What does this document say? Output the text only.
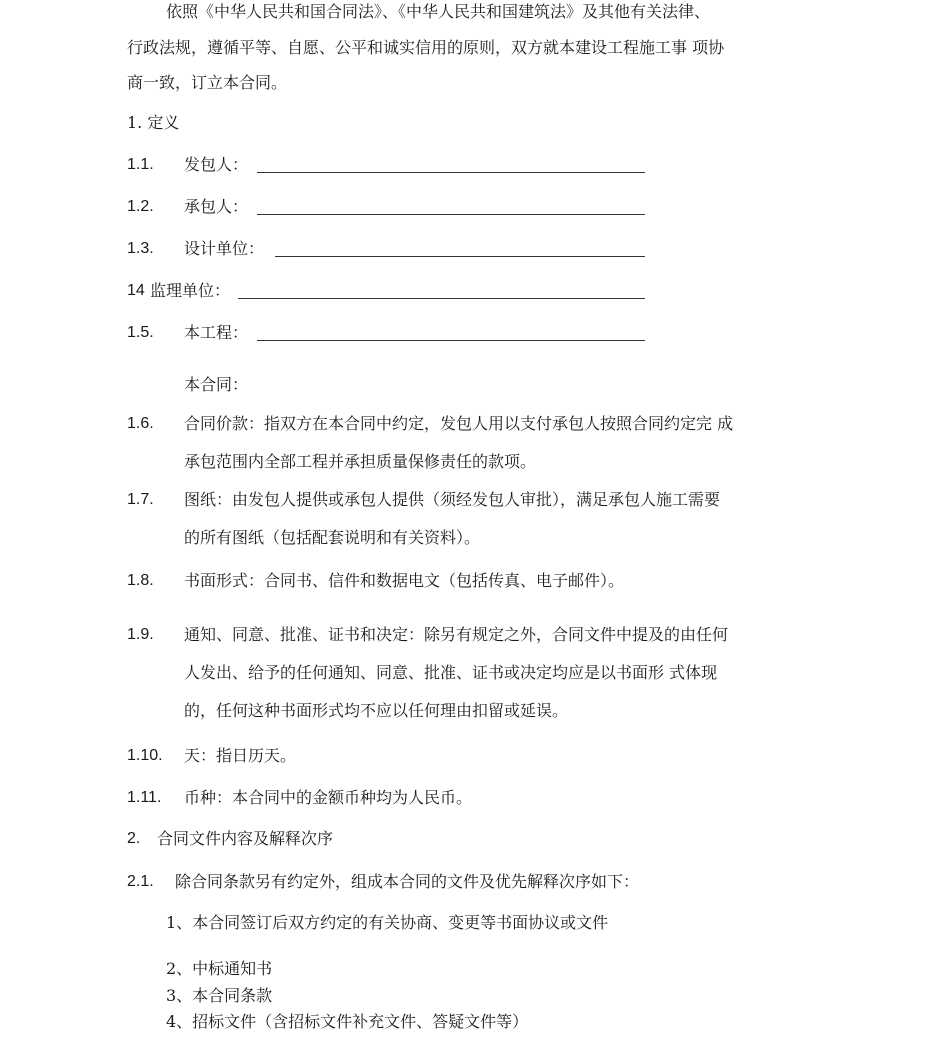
依照《中华人民共和国合同法》、《中华人民共和国建筑法》及其他有关法律、
行政法规，遵循平等、自愿、公平和诚实信用的原则，双方就本建设工程施工事 项协
商一致，订立本合同。
1. 定义
1.1. 发包人：
1.2. 承包人：
1.3. 设计单位：
14 监理单位：
1.5. 本工程：
本合同：
1.6. 合同价款：指双方在本合同中约定，发包人用以支付承包人按照合同约定完 成
承包范围内全部工程并承担质量保修责任的款项。
1.7. 图纸：由发包人提供或承包人提供（须经发包人审批），满足承包人施工需要
的所有图纸（包括配套说明和有关资料）。
1.8. 书面形式：合同书、信件和数据电文（包括传真、电子邮件）。
1.9. 通知、同意、批准、证书和决定：除另有规定之外，合同文件中提及的由任何
人发出、给予的任何通知、同意、批准、证书或决定均应是以书面形 式体现
的，任何这种书面形式均不应以任何理由扣留或延误。
1.10. 天：指日历天。
1.11. 币种：本合同中的金额币种均为人民币。
2. 合同文件内容及解释次序
2.1. 除合同条款另有约定外，组成本合同的文件及优先解释次序如下：
1、本合同签订后双方约定的有关协商、变更等书面协议或文件
2、中标通知书
3、本合同条款
4、招标文件（含招标文件补充文件、答疑文件等）
